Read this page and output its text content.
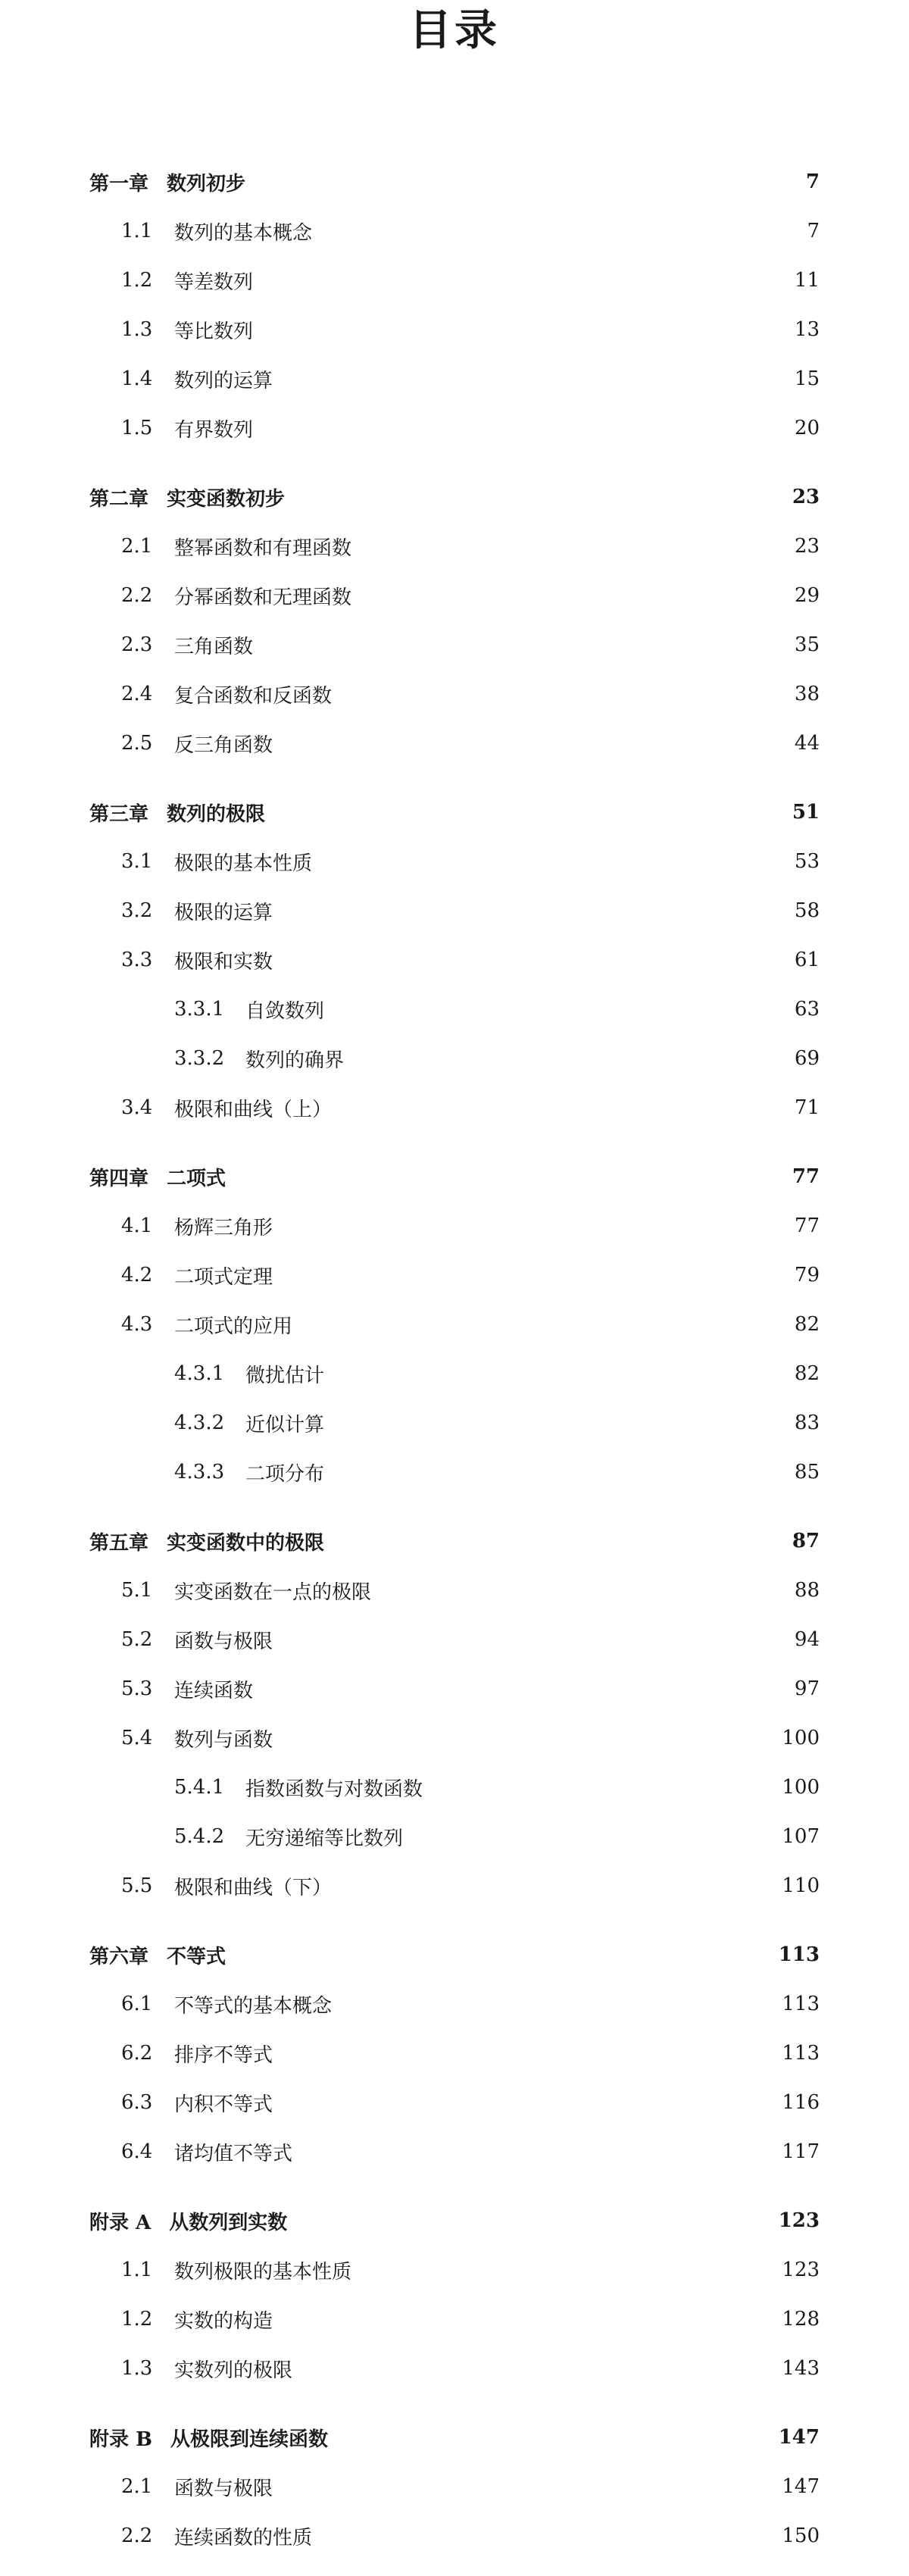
目录
第一章 数列初步	7
1.1	数列的基本概念	7
1.2	等差数列	11
1.3	等比数列	13
1.4	数列的运算	15
1.5	有界数列	20
第二章 实变函数初步	23
2.1	整幂函数和有理函数	23
2.2	分幂函数和无理函数	29
2.3	三角函数	35
2.4	复合函数和反函数	38
2.5	反三角函数	44
第三章 数列的极限	51
3.1	极限的基本性质	53
3.2	极限的运算	58
3.3	极限和实数	61
3.3.1	自敛数列	63
3.3.2	数列的确界	69
3.4	极限和曲线（上）	71
第四章 二项式	77
4.1	杨辉三角形	77
4.2	二项式定理	79
4.3	二项式的应用	82
4.3.1	微扰估计	82
4.3.2	近似计算	83
4.3.3	二项分布	85
第五章 实变函数中的极限	87
5.1	实变函数在一点的极限	88
5.2	函数与极限	94
5.3	连续函数	97
5.4	数列与函数	100
5.4.1	指数函数与对数函数	100
5.4.2	无穷递缩等比数列	107
5.5	极限和曲线（下）	110
第六章 不等式	113
6.1	不等式的基本概念	113
6.2	排序不等式	113
6.3	内积不等式	116
6.4	诸均值不等式	117
附录 A 从数列到实数	123
1.1	数列极限的基本性质	123
1.2	实数的构造	128
1.3	实数列的极限	143
附录 B 从极限到连续函数	147
2.1	函数与极限	147
2.2	连续函数的性质	150
